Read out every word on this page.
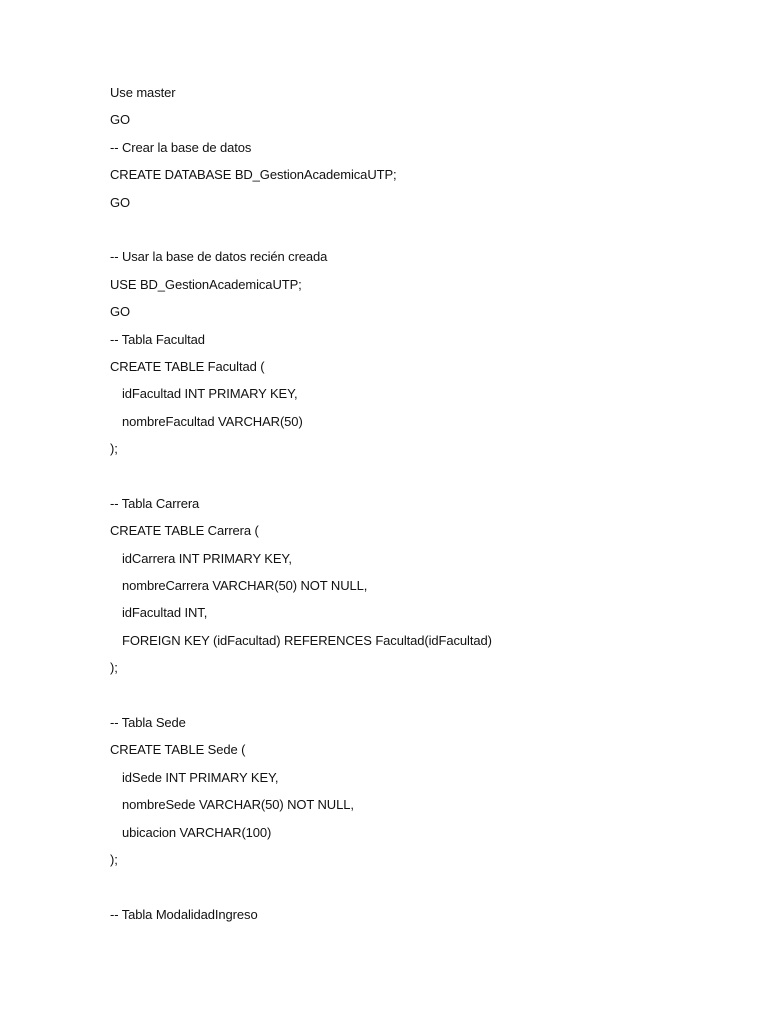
Use master
GO
-- Crear la base de datos
CREATE DATABASE BD_GestionAcademicaUTP;
GO
-- Usar la base de datos recién creada
USE BD_GestionAcademicaUTP;
GO
-- Tabla Facultad
CREATE TABLE Facultad (
idFacultad INT PRIMARY KEY,
nombreFacultad VARCHAR(50)
);
-- Tabla Carrera
CREATE TABLE Carrera (
idCarrera INT PRIMARY KEY,
nombreCarrera VARCHAR(50) NOT NULL,
idFacultad INT,
FOREIGN KEY (idFacultad) REFERENCES Facultad(idFacultad)
);
-- Tabla Sede
CREATE TABLE Sede (
idSede INT PRIMARY KEY,
nombreSede VARCHAR(50) NOT NULL,
ubicacion VARCHAR(100)
);
-- Tabla ModalidadIngreso
